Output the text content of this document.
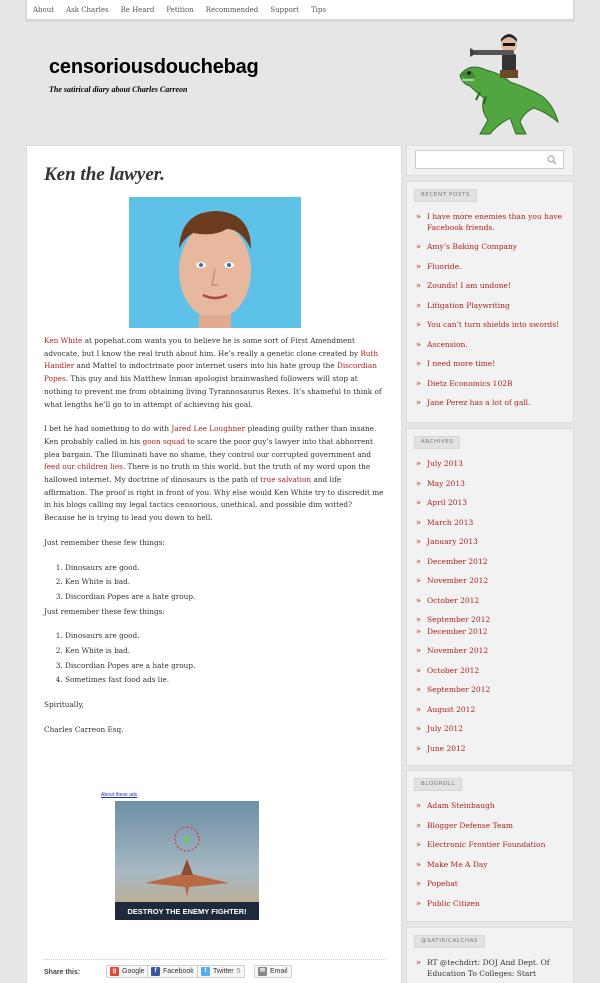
About Ask Charles Be Heard Petition Recommended Support Tips
censoriousdouchebag
The satirical diary about Charles Carreon
Ken the lawyer.

Ken White at popehat.com wants you to believe he is some sort of First Amendment advocate, but I know the real truth about him. He’s really a genetic clone created by Ruth Handler and Mattel to indoctrinate poor internet users into his hate group the Discordian Popes. This guy and his Matthew Inman apologist brainwashed followers will stop at nothing to prevent me from obtaining living Tyrannosaurus Rexes. It’s shameful to think of what lengths he’ll go to in attempt of achieving his goal.

I bet he had something to do with Jared Lee Loughner pleading guilty rather than insane. Ken probably called in his goon squad to scare the poor guy’s lawyer into that abhorrent plea bargain. The Illuminati have no shame, they control our corrupted government and feed our children lies. There is no truth in this world, but the truth of my word upon the hallowed internet. My doctrine of dinosaurs is the path of true salvation and life affirmation. The proof is right in front of you. Why else would Ken White try to discredit me in his blogs calling my legal tactics censorious, unethical, and possible dim witted? Because he is trying to lead you down to hell.

Just remember these few things:

1. Dinosaurs are good.
2. Ken White is bad.
3. Discordian Popes are a hate group.

Just remember these few things:

1. Dinosaurs are good.
2. Ken White is bad.
3. Discordian Popes are a hate group.
4. Sometimes fast food ads lie.

Spiritually,

Charles Carreon Esq.

About these ads
DESTROY THE ENEMY FIGHTER!
Share this:	g Google	f Facebook	t Twitter 5	✉ Email
RECENT POSTS
» I have more enemies than you have Facebook friends.
» Amy’s Baking Company
» Fluoride.
» Zounds! I am undone!
» Litigation Playwriting
» You can’t turn shields into swords!
» Ascension.
» I need more time!
» Dietz Economics 102B
» Jane Perez has a lot of gall.
ARCHIVES
» July 2013
» May 2013
» April 2013
» March 2013
» January 2013
» December 2012
» November 2012
» October 2012
» September 2012
» December 2012
» November 2012
» October 2012
» September 2012
» August 2012
» July 2012
» June 2012
BLOGROLL
» Adam Steinbaugh
» Blogger Defense Team
» Electronic Frontier Foundation
» Make Me A Day
» Popehat
» Public Citizen
@SATIRICALCHAS
» RT @techdirt: DOJ And Dept. Of Education To Colleges: Start
